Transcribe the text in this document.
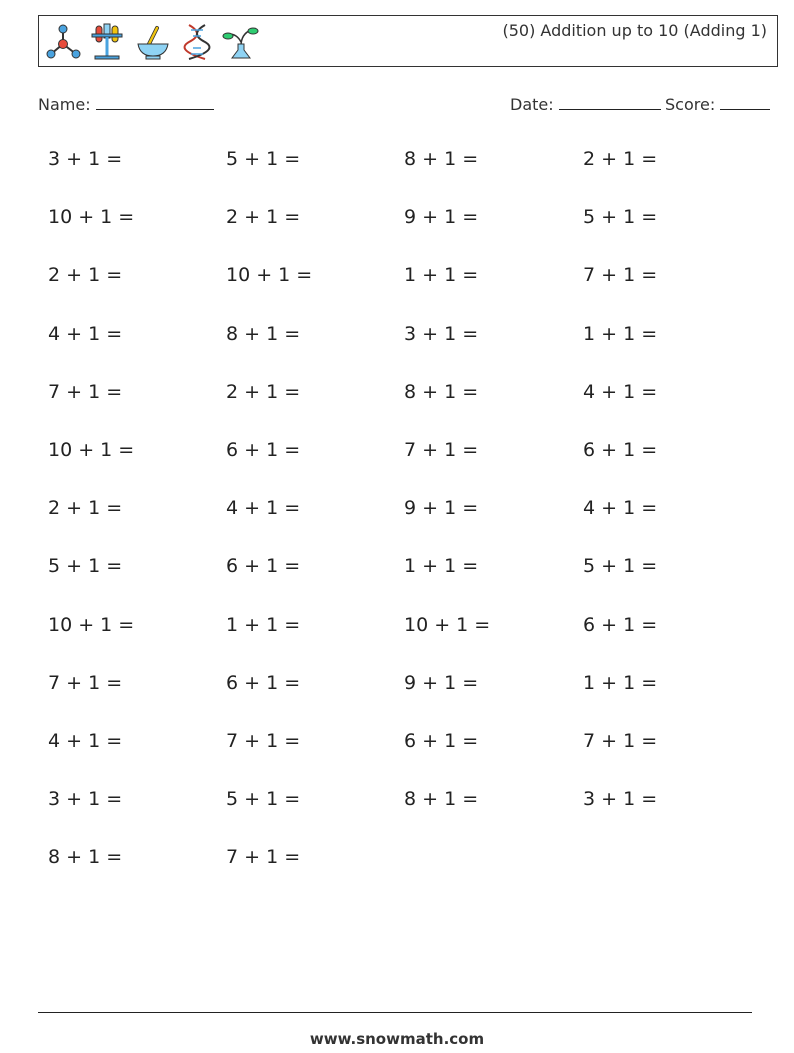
(50) Addition up to 10 (Adding 1)
Name:	Date:	Score:
3 + 1 =	5 + 1 =	8 + 1 =	2 + 1 =
10 + 1 =	2 + 1 =	9 + 1 =	5 + 1 =
2 + 1 =	10 + 1 =	1 + 1 =	7 + 1 =
4 + 1 =	8 + 1 =	3 + 1 =	1 + 1 =
7 + 1 =	2 + 1 =	8 + 1 =	4 + 1 =
10 + 1 =	6 + 1 =	7 + 1 =	6 + 1 =
2 + 1 =	4 + 1 =	9 + 1 =	4 + 1 =
5 + 1 =	6 + 1 =	1 + 1 =	5 + 1 =
10 + 1 =	1 + 1 =	10 + 1 =	6 + 1 =
7 + 1 =	6 + 1 =	9 + 1 =	1 + 1 =
4 + 1 =	7 + 1 =	6 + 1 =	7 + 1 =
3 + 1 =	5 + 1 =	8 + 1 =	3 + 1 =
8 + 1 =	7 + 1 =
www.snowmath.com
